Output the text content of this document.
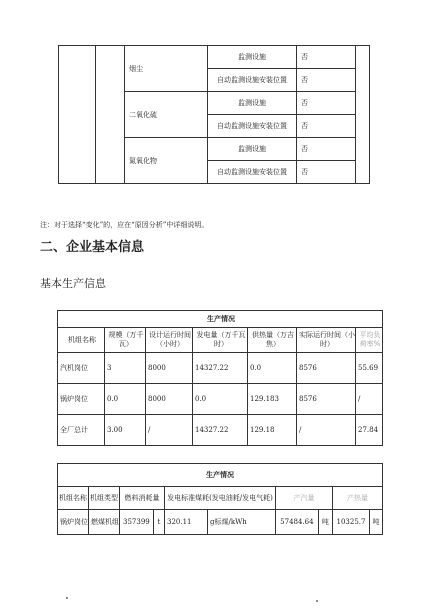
		烟尘	监测设施	否	
			自动监测设施安装位置	否	
		二氧化硫	监测设施	否	
			自动监测设施安装位置	否	
		氮氧化物	监测设施	否	
			自动监测设施安装位置	否	
注：对于选择“变化”的，应在“原因分析”中详细说明。
二、企业基本信息
基本生产信息
生产情况						
机组名称	规模（万千瓦）	设计运行时间（小时）	发电量（万千瓦时）	供热量（万吉焦）	实际运行时间（小时）	平均负荷率%
汽机岗位	3	8000	14327.22	0.0	8576	55.69
锅炉岗位	0.0	8000	0.0	129.183	8576	/
全厂总计	3.00	/	14327.22	129.18	/	27.84
生产情况									
机组名称	机组类型	燃料消耗量		发电标准煤耗(发电油耗/发电气耗)		产汽量		产热量	
锅炉岗位	燃煤机组	357399	t	320.11	g标煤/kWh	57484.64	吨	10325.7	吨
